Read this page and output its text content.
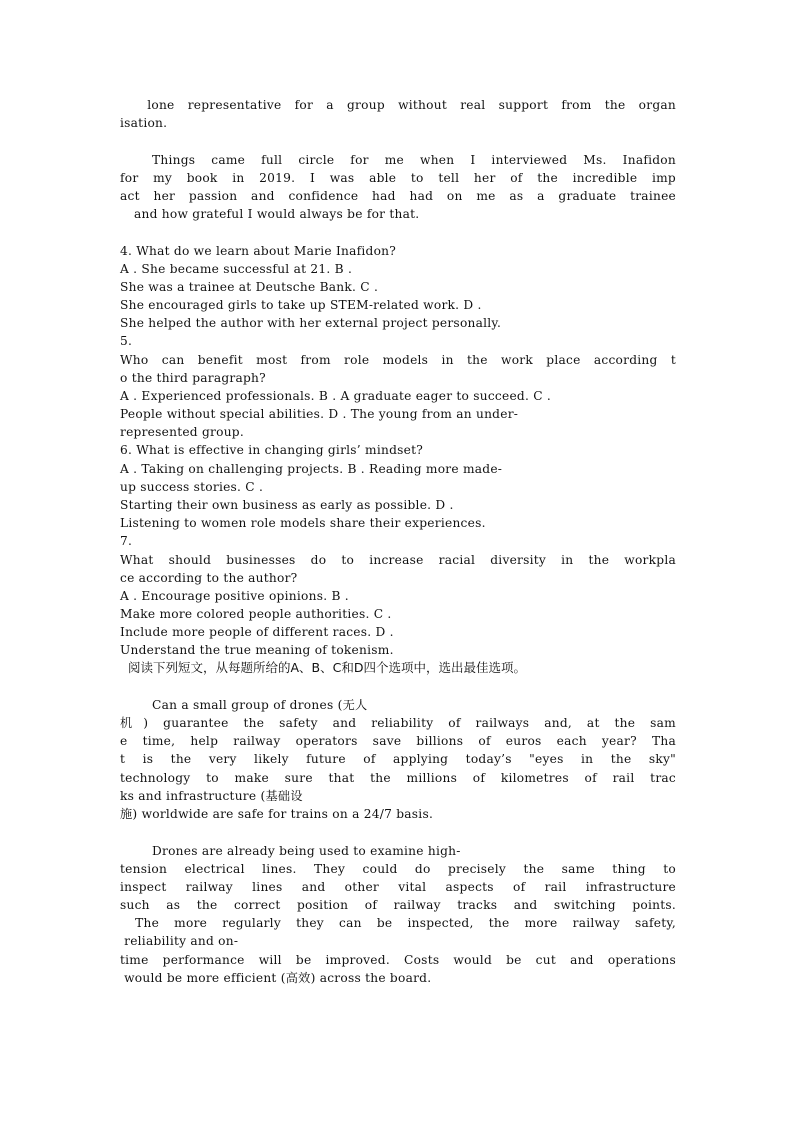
lone representative for a group without real support from the organ
isation.
Things came full circle for me when I interviewed Ms. Inafidon
for my book in 2019. I was able to tell her of the incredible imp
act her passion and confidence had had on me as a graduate trainee
and how grateful I would always be for that.
4. What do we learn about Marie Inafidon?
A . She became successful at 21. B .
She was a trainee at Deutsche Bank. C .
She encouraged girls to take up STEM-related work. D .
She helped the author with her external project personally.
5.
Who can benefit most from role models in the work place according t
o the third paragraph?
A . Experienced professionals. B . A graduate eager to succeed. C .
People without special abilities. D . The young from an under-
represented group.
6. What is effective in changing girls’ mindset?
A . Taking on challenging projects. B . Reading more made-
up success stories. C .
Starting their own business as early as possible. D .
Listening to women role models share their experiences.
7.
What should businesses do to increase racial diversity in the workpla
ce according to the author?
A . Encourage positive opinions. B .
Make more colored people authorities. C .
Include more people of different races. D .
Understand the true meaning of tokenism.
阅读下列短文，从每题所给的A、B、C和D四个选项中，选出最佳选项。
Can a small group of drones (无人
机) guarantee the safety and reliability of railways and, at the sam
e time, help railway operators save billions of euros each year? Tha
t is the very likely future of applying today’s "eyes in the sky"
technology to make sure that the millions of kilometres of rail trac
ks and infrastructure (基础设
施) worldwide are safe for trains on a 24/7 basis.
Drones are already being used to examine high-
tension electrical lines. They could do precisely the same thing to
inspect railway lines and other vital aspects of rail infrastructure
such as the correct position of railway tracks and switching points.
The more regularly they can be inspected, the more railway safety,
reliability and on-
time performance will be improved. Costs would be cut and operations
would be more efficient (高效) across the board.
